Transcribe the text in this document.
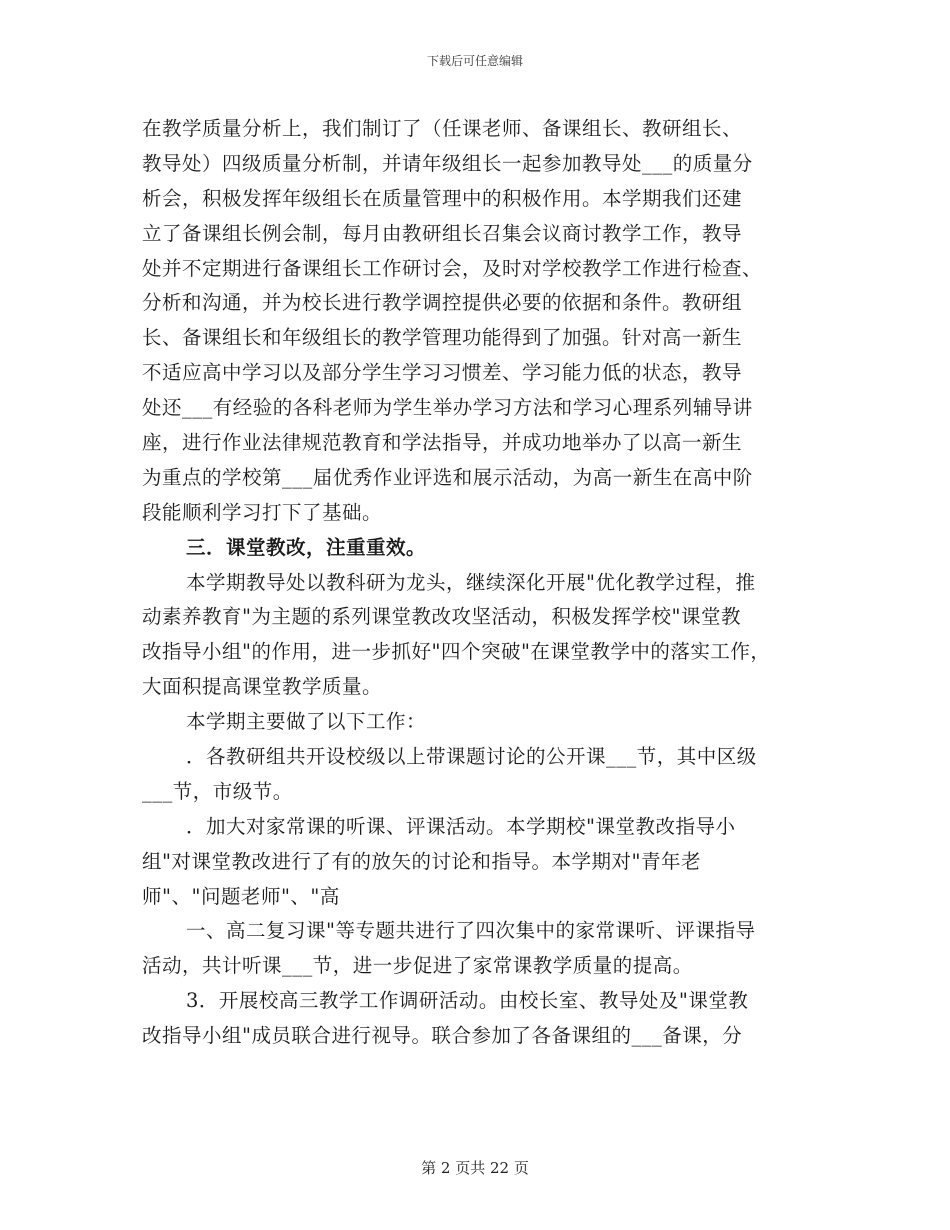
下载后可任意编辑
在教学质量分析上，我们制订了（任课老师、备课组长、教研组长、
教导处）四级质量分析制，并请年级组长一起参加教导处___的质量分
析会，积极发挥年级组长在质量管理中的积极作用。本学期我们还建
立了备课组长例会制，每月由教研组长召集会议商讨教学工作，教导
处并不定期进行备课组长工作研讨会，及时对学校教学工作进行检查、
分析和沟通，并为校长进行教学调控提供必要的依据和条件。教研组
长、备课组长和年级组长的教学管理功能得到了加强。针对高一新生
不适应高中学习以及部分学生学习习惯差、学习能力低的状态，教导
处还___有经验的各科老师为学生举办学习方法和学习心理系列辅导讲
座，进行作业法律规范教育和学法指导，并成功地举办了以高一新生
为重点的学校第___届优秀作业评选和展示活动，为高一新生在高中阶
段能顺利学习打下了基础。
三．课堂教改，注重重效。
本学期教导处以教科研为龙头，继续深化开展"优化教学过程，推
动素养教育"为主题的系列课堂教改攻坚活动，积极发挥学校"课堂教
改指导小组"的作用，进一步抓好"四个突破"在课堂教学中的落实工作，
大面积提高课堂教学质量。
本学期主要做了以下工作：
．各教研组共开设校级以上带课题讨论的公开课___节，其中区级
___节，市级节。
．加大对家常课的听课、评课活动。本学期校"课堂教改指导小
组"对课堂教改进行了有的放矢的讨论和指导。本学期对"青年老
师"、"问题老师"、"高
一、高二复习课"等专题共进行了四次集中的家常课听、评课指导
活动，共计听课___节，进一步促进了家常课教学质量的提高。
3．开展校高三教学工作调研活动。由校长室、教导处及"课堂教
改指导小组"成员联合进行视导。联合参加了各备课组的___备课，分
第 2 页共 22 页
